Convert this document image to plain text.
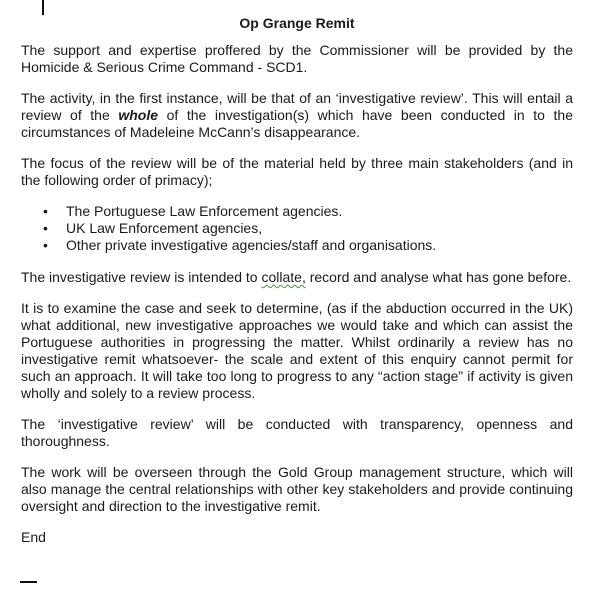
Op Grange Remit

The support and expertise proffered by the Commissioner will be provided by the Homicide & Serious Crime Command - SCD1.

The activity, in the first instance, will be that of an ‘investigative review’. This will entail a review of the whole of the investigation(s) which have been conducted in to the circumstances of Madeleine McCann’s disappearance.

The focus of the review will be of the material held by three main stakeholders (and in the following order of primacy);

• The Portuguese Law Enforcement agencies.
• UK Law Enforcement agencies,
• Other private investigative agencies/staff and organisations.

The investigative review is intended to collate, record and analyse what has gone before.

It is to examine the case and seek to determine, (as if the abduction occurred in the UK) what additional, new investigative approaches we would take and which can assist the Portuguese authorities in progressing the matter. Whilst ordinarily a review has no investigative remit whatsoever- the scale and extent of this enquiry cannot permit for such an approach. It will take too long to progress to any “action stage” if activity is given wholly and solely to a review process.

The ‘investigative review’ will be conducted with transparency, openness and thoroughness.

The work will be overseen through the Gold Group management structure, which will also manage the central relationships with other key stakeholders and provide continuing oversight and direction to the investigative remit.

End
